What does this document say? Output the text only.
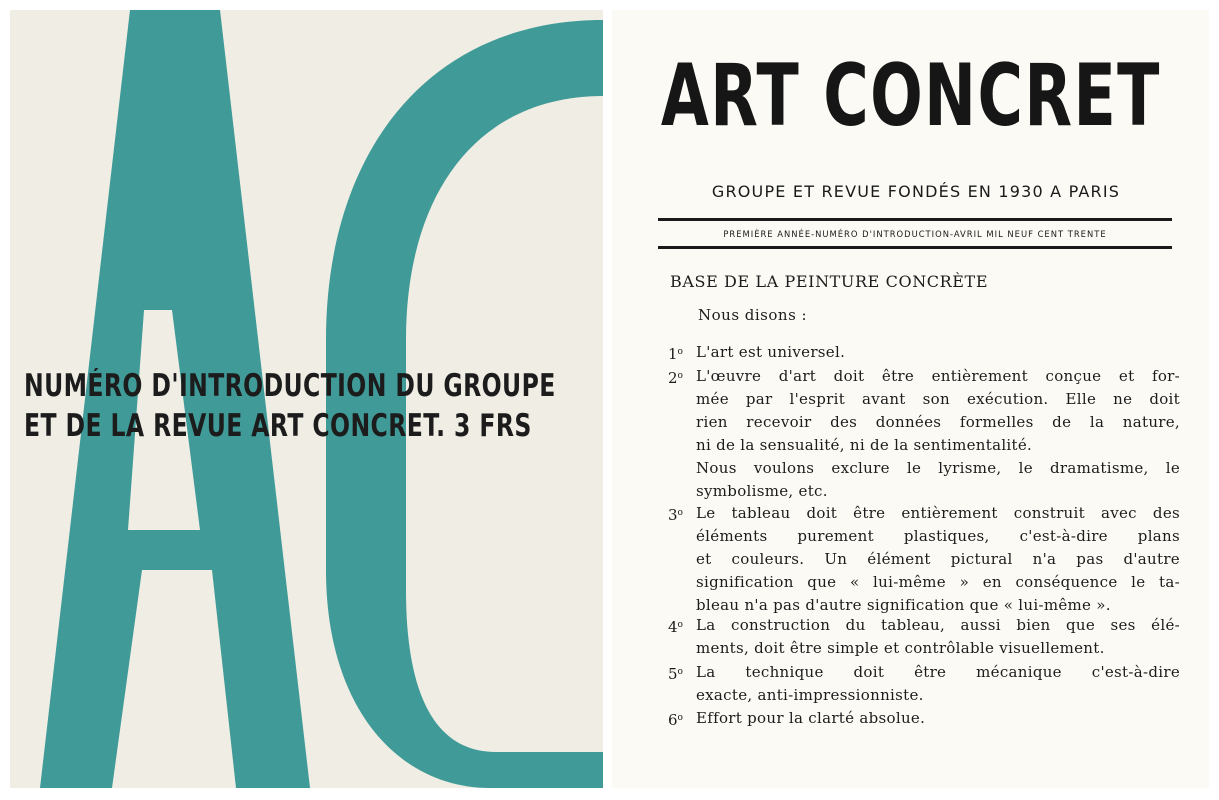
NUMÉRO D'INTRODUCTION DU GROUPE
ET DE LA REVUE ART CONCRET. 3 FRS
ART CONCRET
GROUPE ET REVUE FONDÉS EN 1930 A PARIS
PREMIÈRE ANNÉE-NUMÉRO D'INTRODUCTION-AVRIL MIL NEUF CENT TRENTE
BASE DE LA PEINTURE CONCRÈTE
Nous disons :
1$^o$ L'art est universel.
2$^o$ L'œuvre d'art doit être entièrement conçue et for-
mée par l'esprit avant son exécution. Elle ne doit
rien recevoir des données formelles de la nature,
ni de la sensualité, ni de la sentimentalité.
Nous voulons exclure le lyrisme, le dramatisme, le
symbolisme, etc.
3$^o$ Le tableau doit être entièrement construit avec des
éléments purement plastiques, c'est-à-dire plans
et couleurs. Un élément pictural n'a pas d'autre
signification que « lui-même » en conséquence le ta-
bleau n'a pas d'autre signification que « lui-même ».
4$^o$ La construction du tableau, aussi bien que ses élé-
ments, doit être simple et contrôlable visuellement.
5$^o$ La technique doit être mécanique c'est-à-dire
exacte, anti-impressionniste.
6$^o$ Effort pour la clarté absolue.
